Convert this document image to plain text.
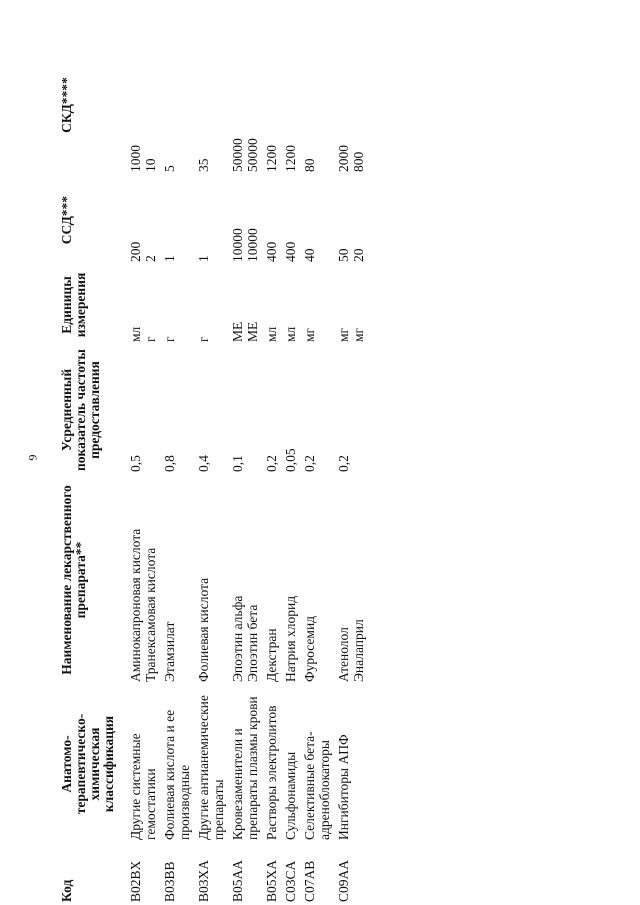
9
Код	Анатомо-терапевтическо-химическая классификация	Наименование лекарственного препарата**	Усредненный показатель частоты предоставления	Единицы измерения	ССД***	СКД****
B02BX	Другие системные гемостатики	Аминокапроновая кислота Транексамовая кислота	0,5	мл г	200 2	1000 10

B03BB	Фолиевая кислота и ее производные	Этамзилат	0,8	г	1	5

B03XA	Другие антианемические препараты	Фолиевая кислота	0,4	г	1	35

B05AA	Кровезаменители и препараты плазмы крови	Эпоэтин альфа Эпоэтин бета	0,1	МЕ МЕ	10000 10000	50000 50000

B05XA	Растворы электролитов	Декстран	0,2	мл	400	1200

C03CA	Сульфонамиды	Натрия хлорид	0,05	мл	400	1200

C07AB	Селективные бета-адреноблокаторы	Фуросемид	0,2	мг	40	80

C09AA	Ингибиторы АПФ	Атенолол Эналаприл	0,2	мг мг	50 20	2000 800
